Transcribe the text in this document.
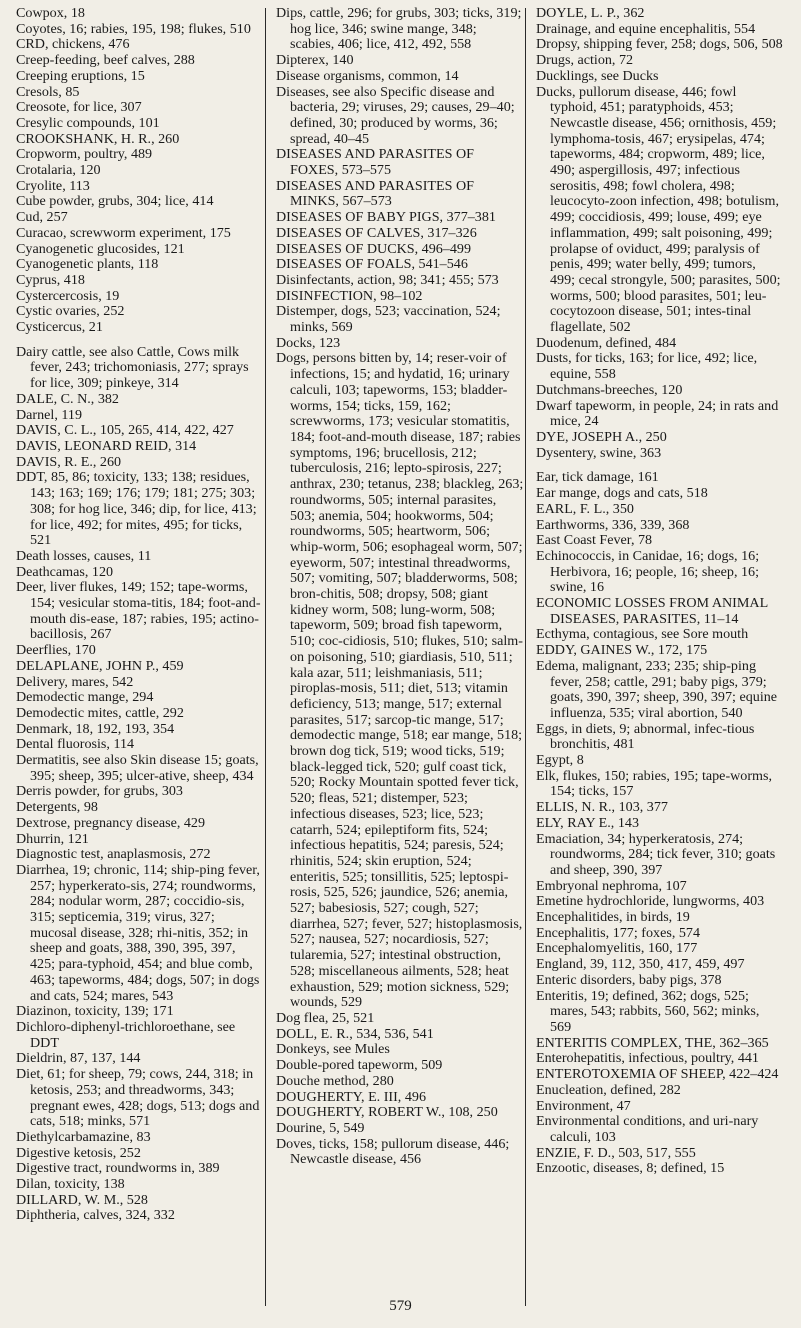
Cowpox, 18

Coyotes, 16; rabies, 195, 198; flukes, 510

CRD, chickens, 476

Creep-feeding, beef calves, 288

Creeping eruptions, 15

Cresols, 85

Creosote, for lice, 307

Cresylic compounds, 101

CROOKSHANK, H. R., 260

Cropworm, poultry, 489

Crotalaria, 120

Cryolite, 113

Cube powder, grubs, 304; lice, 414

Cud, 257

Curacao, screwworm experiment, 175

Cyanogenetic glucosides, 121

Cyanogenetic plants, 118

Cyprus, 418

Cystercercosis, 19

Cystic ovaries, 252

Cysticercus, 21

Dairy cattle, see also Cattle, Cows milk fever, 243; trichomoniasis, 277; sprays for lice, 309; pinkeye, 314

DALE, C. N., 382

Darnel, 119

DAVIS, C. L., 105, 265, 414, 422, 427

DAVIS, LEONARD REID, 314

DAVIS, R. E., 260

DDT, 85, 86; toxicity, 133; 138; residues, 143; 163; 169; 176; 179; 181; 275; 303; 308; for hog lice, 346; dip, for lice, 413; for lice, 492; for mites, 495; for ticks, 521

Death losses, causes, 11

Deathcamas, 120

Deer, liver flukes, 149; 152; tape-worms, 154; vesicular stoma-titis, 184; foot-and-mouth dis-ease, 187; rabies, 195; actino-bacillosis, 267

Deerflies, 170

DELAPLANE, JOHN P., 459

Delivery, mares, 542

Demodectic mange, 294

Demodectic mites, cattle, 292

Denmark, 18, 192, 193, 354

Dental fluorosis, 114

Dermatitis, see also Skin disease 15; goats, 395; sheep, 395; ulcer-ative, sheep, 434

Derris powder, for grubs, 303

Detergents, 98

Dextrose, pregnancy disease, 429

Dhurrin, 121

Diagnostic test, anaplasmosis, 272

Diarrhea, 19; chronic, 114; ship-ping fever, 257; hyperkerato-sis, 274; roundworms, 284; nodular worm, 287; coccidio-sis, 315; septicemia, 319; virus, 327; mucosal disease, 328; rhi-nitis, 352; in sheep and goats, 388, 390, 395, 397, 425; para-typhoid, 454; and blue comb, 463; tapeworms, 484; dogs, 507; in dogs and cats, 524; mares, 543

Diazinon, toxicity, 139; 171

Dichloro-diphenyl-trichloroethane, see DDT

Dieldrin, 87, 137, 144

Diet, 61; for sheep, 79; cows, 244, 318; in ketosis, 253; and threadworms, 343; pregnant ewes, 428; dogs, 513; dogs and cats, 518; minks, 571

Diethylcarbamazine, 83

Digestive ketosis, 252

Digestive tract, roundworms in, 389

Dilan, toxicity, 138

DILLARD, W. M., 528

Diphtheria, calves, 324, 332

Dips, cattle, 296; for grubs, 303; ticks, 319; hog lice, 346; swine mange, 348; scabies, 406; lice, 412, 492, 558

Dipterex, 140

Disease organisms, common, 14

Diseases, see also Specific disease and bacteria, 29; viruses, 29; causes, 29–40; defined, 30; produced by worms, 36; spread, 40–45

DISEASES AND PARASITES OF FOXES, 573–575

DISEASES AND PARASITES OF MINKS, 567–573

DISEASES OF BABY PIGS, 377–381

DISEASES OF CALVES, 317–326

DISEASES OF DUCKS, 496–499

DISEASES OF FOALS, 541–546

Disinfectants, action, 98; 341; 455; 573

DISINFECTION, 98–102

Distemper, dogs, 523; vaccination, 524; minks, 569

Docks, 123

Dogs, persons bitten by, 14; reser-voir of infections, 15; and hydatid, 16; urinary calculi, 103; tapeworms, 153; bladder-worms, 154; ticks, 159, 162; screwworms, 173; vesicular stomatitis, 184; foot-and-mouth disease, 187; rabies symptoms, 196; brucellosis, 212; tuberculosis, 216; lepto-spirosis, 227; anthrax, 230; tetanus, 238; blackleg, 263; roundworms, 505; internal parasites, 503; anemia, 504; hookworms, 504; roundworms, 505; heartworm, 506; whip-worm, 506; esophageal worm, 507; eyeworm, 507; intestinal threadworms, 507; vomiting, 507; bladderworms, 508; bron-chitis, 508; dropsy, 508; giant kidney worm, 508; lung-worm, 508; tapeworm, 509; broad fish tapeworm, 510; coc-cidiosis, 510; flukes, 510; salm-on poisoning, 510; giardiasis, 510, 511; kala azar, 511; leishmaniasis, 511; piroplas-mosis, 511; diet, 513; vitamin deficiency, 513; mange, 517; external parasites, 517; sarcop-tic mange, 517; demodectic mange, 518; ear mange, 518; brown dog tick, 519; wood ticks, 519; black-legged tick, 520; gulf coast tick, 520; Rocky Mountain spotted fever tick, 520; fleas, 521; distemper, 523; infectious diseases, 523; lice, 523; catarrh, 524; epileptiform fits, 524; infectious hepatitis, 524; paresis, 524; rhinitis, 524; skin eruption, 524; enteritis, 525; tonsillitis, 525; leptospi-rosis, 525, 526; jaundice, 526; anemia, 527; babesiosis, 527; cough, 527; diarrhea, 527; fever, 527; histoplasmosis, 527; nausea, 527; nocardiosis, 527; tularemia, 527; intestinal obstruction, 528; miscellaneous ailments, 528; heat exhaustion, 529; motion sickness, 529; wounds, 529

Dog flea, 25, 521

DOLL, E. R., 534, 536, 541

Donkeys, see Mules

Double-pored tapeworm, 509

Douche method, 280

DOUGHERTY, E. III, 496

DOUGHERTY, ROBERT W., 108, 250

Dourine, 5, 549

Doves, ticks, 158; pullorum disease, 446; Newcastle disease, 456

DOYLE, L. P., 362

Drainage, and equine encephalitis, 554

Dropsy, shipping fever, 258; dogs, 506, 508

Drugs, action, 72

Ducklings, see Ducks

Ducks, pullorum disease, 446; fowl typhoid, 451; paratyphoids, 453; Newcastle disease, 456; ornithosis, 459; lymphoma-tosis, 467; erysipelas, 474; tapeworms, 484; cropworm, 489; lice, 490; aspergillosis, 497; infectious serositis, 498; fowl cholera, 498; leucocyto-zoon infection, 498; botulism, 499; coccidiosis, 499; louse, 499; eye inflammation, 499; salt poisoning, 499; prolapse of oviduct, 499; paralysis of penis, 499; water belly, 499; tumors, 499; cecal strongyle, 500; parasites, 500; worms, 500; blood parasites, 501; leu-cocytozoon disease, 501; intes-tinal flagellate, 502

Duodenum, defined, 484

Dusts, for ticks, 163; for lice, 492; lice, equine, 558

Dutchmans-breeches, 120

Dwarf tapeworm, in people, 24; in rats and mice, 24

DYE, JOSEPH A., 250

Dysentery, swine, 363

Ear, tick damage, 161

Ear mange, dogs and cats, 518

EARL, F. L., 350

Earthworms, 336, 339, 368

East Coast Fever, 78

Echinococcis, in Canidae, 16; dogs, 16; Herbivora, 16; people, 16; sheep, 16; swine, 16

ECONOMIC LOSSES FROM ANIMAL DISEASES, PARASITES, 11–14

Ecthyma, contagious, see Sore mouth

EDDY, GAINES W., 172, 175

Edema, malignant, 233; 235; ship-ping fever, 258; cattle, 291; baby pigs, 379; goats, 390, 397; sheep, 390, 397; equine influenza, 535; viral abortion, 540

Eggs, in diets, 9; abnormal, infec-tious bronchitis, 481

Egypt, 8

Elk, flukes, 150; rabies, 195; tape-worms, 154; ticks, 157

ELLIS, N. R., 103, 377

ELY, RAY E., 143

Emaciation, 34; hyperkeratosis, 274; roundworms, 284; tick fever, 310; goats and sheep, 390, 397

Embryonal nephroma, 107

Emetine hydrochloride, lungworms, 403

Encephalitides, in birds, 19

Encephalitis, 177; foxes, 574

Encephalomyelitis, 160, 177

England, 39, 112, 350, 417, 459, 497

Enteric disorders, baby pigs, 378

Enteritis, 19; defined, 362; dogs, 525; mares, 543; rabbits, 560, 562; minks, 569

ENTERITIS COMPLEX, THE, 362–365

Enterohepatitis, infectious, poultry, 441

ENTEROTOXEMIA OF SHEEP, 422–424

Enucleation, defined, 282

Environment, 47

Environmental conditions, and uri-nary calculi, 103

ENZIE, F. D., 503, 517, 555

Enzootic, diseases, 8; defined, 15

579
